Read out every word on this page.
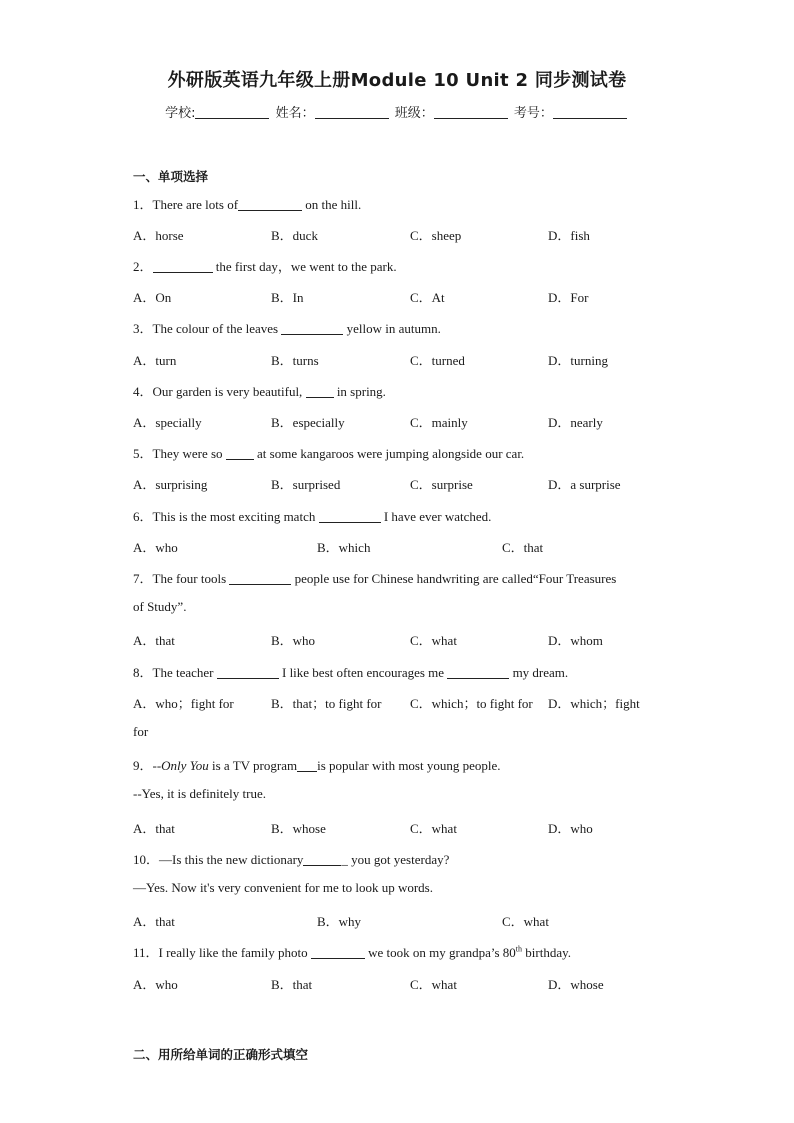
外研版英语九年级上册Module 10 Unit 2 同步测试卷
学校:	姓名：	班级：	考号：
一、单项选择
1．There are lots of	on the hill.
A．horse	B．duck	C．sheep	D．fish
2．	the first day，we went to the park.
A．On	B．In	C．At	D．For
3．The colour of the leaves	yellow in autumn.
A．turn	B．turns	C．turned	D．turning
4．Our garden is very beautiful,	in spring.
A．specially	B．especially	C．mainly	D．nearly
5．They were so	at some kangaroos were jumping alongside our car.
A．surprising	B．surprised	C．surprise	D．a surprise
6．This is the most exciting match	I have ever watched.
A．who	B．which	C．that
7．The four tools	people use for Chinese handwriting are called“Four Treasures
of Study”.
A．that	B．who	C．what	D．whom
8．The teacher	I like best often encourages me	my dream.
A．who；fight for	B．that；to fight for C．which；to fight for D．which；fight
for
9．--Only You is a TV program is popular with most young people.
--Yes, it is definitely true.
A．that	B．whose	C．what	D．who
10．—Is this the new dictionary	_ you got yesterday?
—Yes. Now it's very convenient for me to look up words.
A．that	B．why	C．what
11．I really like the family photo	we took on my grandpa’s 80th birthday.
A．who	B．that	C．what	D．whose
二、用所给单词的正确形式填空
